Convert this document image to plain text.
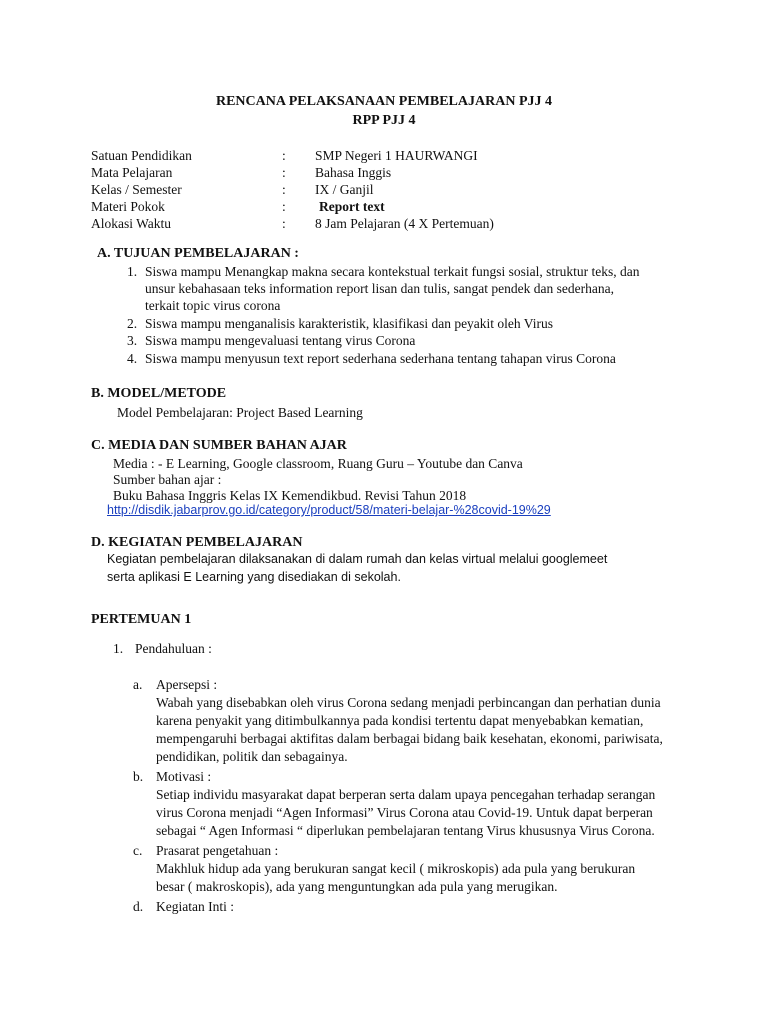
RENCANA PELAKSANAAN PEMBELAJARAN PJJ 4
RPP PJJ 4
Satuan Pendidikan	: SMP Negeri 1 HAURWANGI
Mata Pelajaran	: Bahasa Inggis
Kelas / Semester	: IX / Ganjil
Materi Pokok	: Report text
Alokasi Waktu	: 8 Jam Pelajaran (4 X Pertemuan)
A. TUJUAN PEMBELAJARAN :
1. Siswa mampu Menangkap makna secara kontekstual terkait fungsi sosial, struktur teks, dan
unsur kebahasaan teks information report lisan dan tulis, sangat pendek dan sederhana,
terkait topic virus corona
2. Siswa mampu menganalisis karakteristik, klasifikasi dan peyakit oleh Virus
3. Siswa mampu mengevaluasi tentang virus Corona
4. Siswa mampu menyusun text report sederhana sederhana tentang tahapan virus Corona
B. MODEL/METODE
Model Pembelajaran: Project Based Learning
C. MEDIA DAN SUMBER BAHAN AJAR
Media : - E Learning, Google classroom, Ruang Guru – Youtube dan Canva
Sumber bahan ajar :
Buku Bahasa Inggris Kelas IX Kemendikbud. Revisi Tahun 2018
http://disdik.jabarprov.go.id/category/product/58/materi-belajar-%28covid-19%29
D. KEGIATAN PEMBELAJARAN
Kegiatan pembelajaran dilaksanakan di dalam rumah dan kelas virtual melalui googlemeet
serta aplikasi E Learning yang disediakan di sekolah.
PERTEMUAN 1
1. Pendahuluan :
a. Apersepsi :
Wabah yang disebabkan oleh virus Corona sedang menjadi perbincangan dan perhatian dunia
karena penyakit yang ditimbulkannya pada kondisi tertentu dapat menyebabkan kematian,
mempengaruhi berbagai aktifitas dalam berbagai bidang baik kesehatan, ekonomi, pariwisata,
pendidikan, politik dan sebagainya.
b. Motivasi :
Setiap individu masyarakat dapat berperan serta dalam upaya pencegahan terhadap serangan
virus Corona menjadi “Agen Informasi” Virus Corona atau Covid-19. Untuk dapat berperan
sebagai “ Agen Informasi “ diperlukan pembelajaran tentang Virus khususnya Virus Corona.
c. Prasarat pengetahuan :
Makhluk hidup ada yang berukuran sangat kecil ( mikroskopis) ada pula yang berukuran
besar ( makroskopis), ada yang menguntungkan ada pula yang merugikan.
d. Kegiatan Inti :
